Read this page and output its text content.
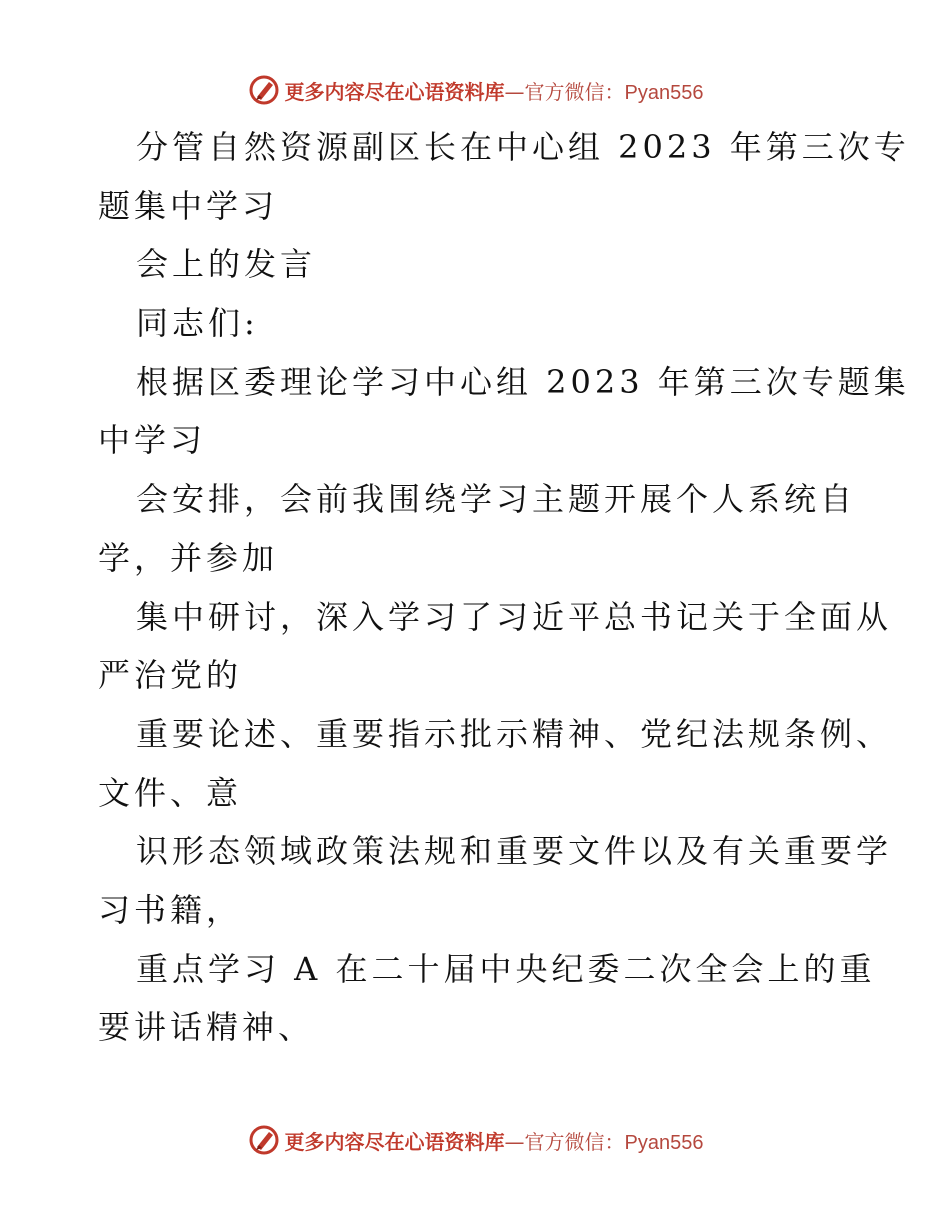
更多内容尽在心语资料库—官方微信：Pyan556
分管自然资源副区长在中心组 2023 年第三次专
题集中学习
会上的发言
同志们:
根据区委理论学习中心组 2023 年第三次专题集
中学习
会安排，会前我围绕学习主题开展个人系统自
学，并参加
集中研讨，深入学习了习近平总书记关于全面从
严治党的
重要论述、重要指示批示精神、党纪法规条例、
文件、意
识形态领域政策法规和重要文件以及有关重要学
习书籍，
重点学习 A 在二十届中央纪委二次全会上的重
要讲话精神、
更多内容尽在心语资料库—官方微信：Pyan556
